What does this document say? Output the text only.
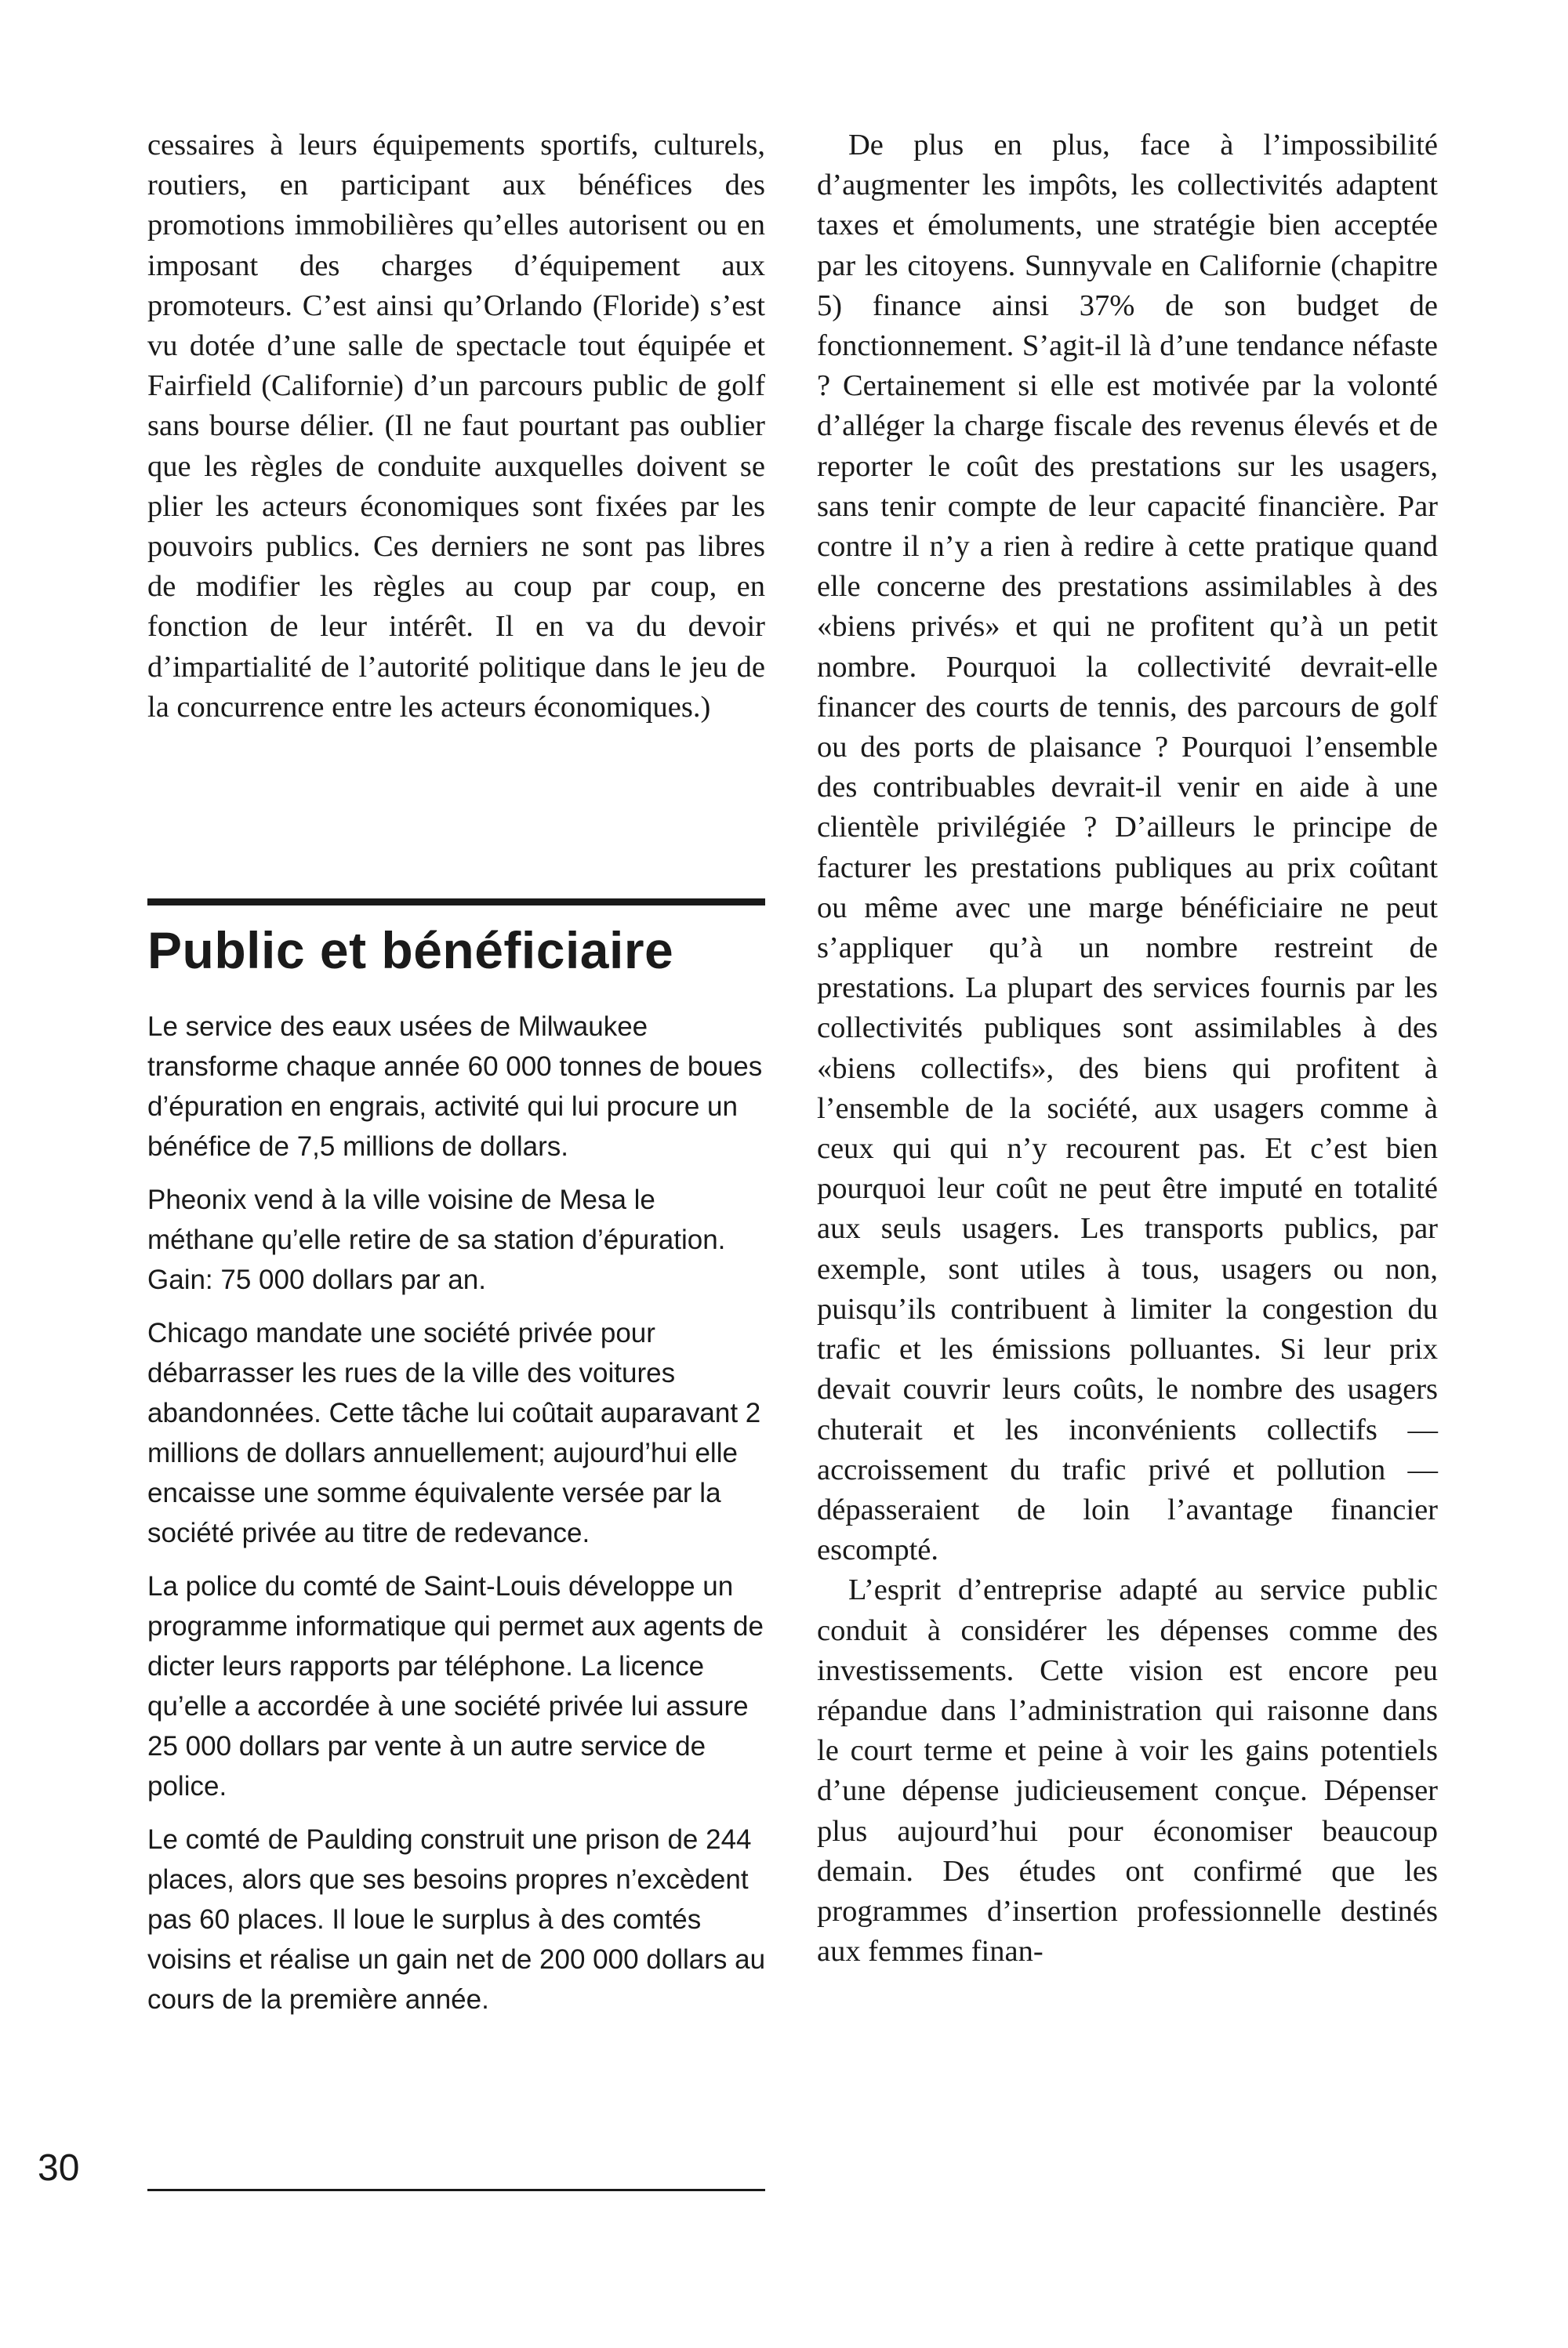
cessaires à leurs équipements sportifs, culturels, routiers, en participant aux bénéfices des promotions immobilières qu’elles autorisent ou en imposant des charges d’équipement aux promoteurs. C’est ainsi qu’Orlando (Floride) s’est vu dotée d’une salle de spectacle tout équipée et Fairfield (Californie) d’un parcours public de golf sans bourse délier. (Il ne faut pourtant pas oublier que les règles de conduite auxquelles doivent se plier les acteurs économiques sont fixées par les pouvoirs publics. Ces derniers ne sont pas libres de modifier les règles au coup par coup, en fonction de leur intérêt. Il en va du devoir d’impartialité de l’autorité politique dans le jeu de la concurrence entre les acteurs économiques.)

Public et bénéficiaire

Le service des eaux usées de Milwaukee transforme chaque année 60 000 tonnes de boues d’épuration en engrais, activité qui lui procure un bénéfice de 7,5 millions de dollars.

Pheonix vend à la ville voisine de Mesa le méthane qu’elle retire de sa station d’épuration. Gain: 75 000 dollars par an.

Chicago mandate une société privée pour débarrasser les rues de la ville des voitures abandonnées. Cette tâche lui coûtait auparavant 2 millions de dollars annuellement; aujourd’hui elle encaisse une somme équivalente versée par la société privée au titre de redevance.

La police du comté de Saint-Louis développe un programme informatique qui permet aux agents de dicter leurs rapports par téléphone. La licence qu’elle a accordée à une société privée lui assure 25 000 dollars par vente à un autre service de police.

Le comté de Paulding construit une prison de 244 places, alors que ses besoins propres n’excèdent pas 60 places. Il loue le surplus à des comtés voisins et réalise un gain net de 200 000 dollars au cours de la première année.

30

De plus en plus, face à l’impossibilité d’augmenter les impôts, les collectivités adaptent taxes et émoluments, une stratégie bien acceptée par les citoyens. Sunnyvale en Californie (chapitre 5) finance ainsi 37% de son budget de fonctionnement. S’agit-il là d’une tendance néfaste ? Certainement si elle est motivée par la volonté d’alléger la charge fiscale des revenus élevés et de reporter le coût des prestations sur les usagers, sans tenir compte de leur capacité financière. Par contre il n’y a rien à redire à cette pratique quand elle concerne des prestations assimilables à des «biens privés» et qui ne profitent qu’à un petit nombre. Pourquoi la collectivité devrait-elle financer des courts de tennis, des parcours de golf ou des ports de plaisance ? Pourquoi l’ensemble des contribuables devrait-il venir en aide à une clientèle privilégiée ? D’ailleurs le principe de facturer les prestations publiques au prix coûtant ou même avec une marge bénéficiaire ne peut s’appliquer qu’à un nombre restreint de prestations. La plupart des services fournis par les collectivités publiques sont assimilables à des «biens collectifs», des biens qui profitent à l’ensemble de la société, aux usagers comme à ceux qui qui n’y recourent pas. Et c’est bien pourquoi leur coût ne peut être imputé en totalité aux seuls usagers. Les transports publics, par exemple, sont utiles à tous, usagers ou non, puisqu’ils contribuent à limiter la congestion du trafic et les émissions polluantes. Si leur prix devait couvrir leurs coûts, le nombre des usagers chuterait et les inconvénients collectifs — accroissement du trafic privé et pollution — dépasseraient de loin l’avantage financier escompté.

L’esprit d’entreprise adapté au service public conduit à considérer les dépenses comme des investissements. Cette vision est encore peu répandue dans l’administration qui raisonne dans le court terme et peine à voir les gains potentiels d’une dépense judicieusement conçue. Dépenser plus aujourd’hui pour économiser beaucoup demain. Des études ont confirmé que les programmes d’insertion professionnelle destinés aux femmes finan-
